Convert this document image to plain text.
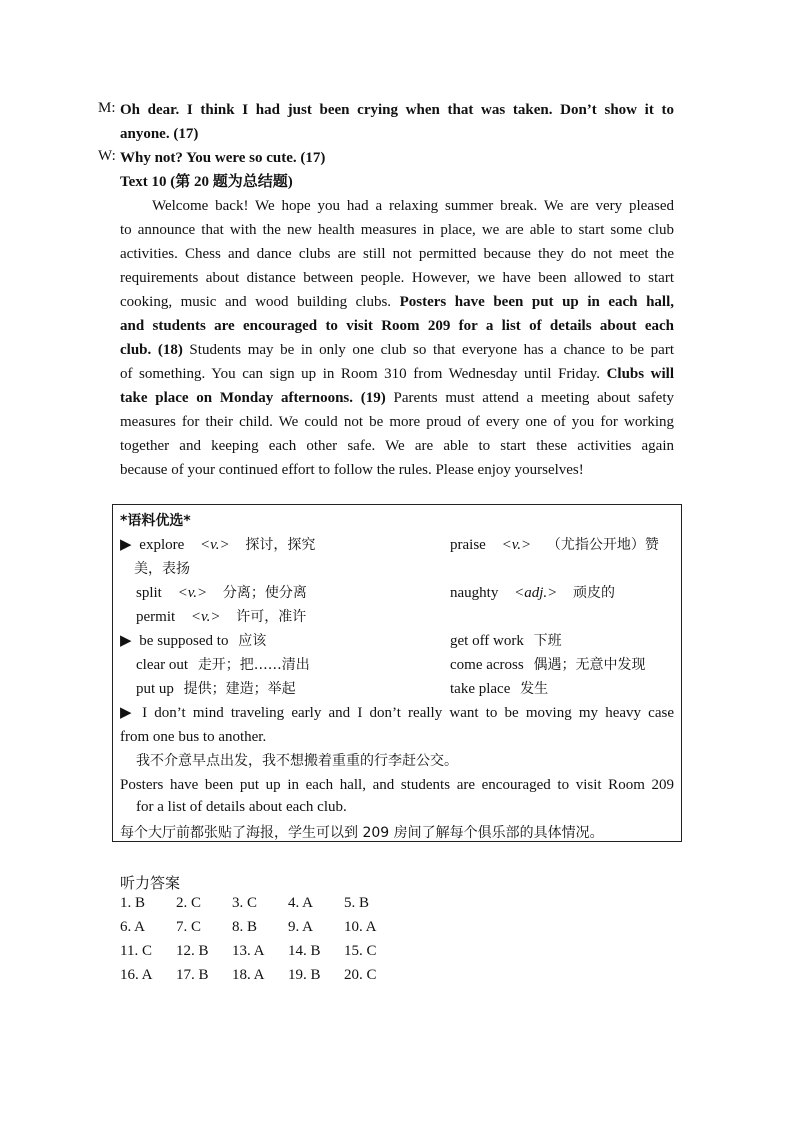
M: Oh dear. I think I had just been crying when that was taken. Don’t show it to
anyone. (17)
W: Why not? You were so cute. (17)
Text 10 (第 20 题为总结题)
Welcome back! We hope you had a relaxing summer break. We are very pleased
to announce that with the new health measures in place, we are able to start some club
activities. Chess and dance clubs are still not permitted because they do not meet the
requirements about distance between people. However, we have been allowed to start
cooking, music and wood building clubs. Posters have been put up in each hall,
and students are encouraged to visit Room 209 for a list of details about each
club. (18) Students may be in only one club so that everyone has a chance to be part
of something. You can sign up in Room 310 from Wednesday until Friday. Clubs will
take place on Monday afternoons. (19) Parents must attend a meeting about safety
measures for their child. We could not be more proud of every one of you for working
together and keeping each other safe. We are able to start these activities again
because of your continued effort to follow the rules. Please enjoy yourselves!
*语料优选*
▶ explore <v.> 探讨，探究	praise <v.> （尤指公开地）赞
美，表扬
split <v.> 分离；使分离	naughty <adj.> 顽皮的
permit <v.> 许可，准许
▶ be supposed to 应该	get off work 下班
clear out 走开；把……清出	come across 偶遇；无意中发现
put up 提供；建造；举起	take place 发生
▶ I don’t mind traveling early and I don’t really want to be moving my heavy case
from one bus to another.
我不介意早点出发，我不想搬着重重的行李赶公交。
Posters have been put up in each hall, and students are encouraged to visit Room 209
for a list of details about each club.
每个大厅前都张贴了海报，学生可以到 209 房间了解每个俱乐部的具体情况。
听力答案
1. B 2. C 3. C 4. A 5. B
6. A 7. C 8. B 9. A 10. A
11. C 12. B 13. A 14. B 15. C
16. A 17. B 18. A 19. B 20. C
